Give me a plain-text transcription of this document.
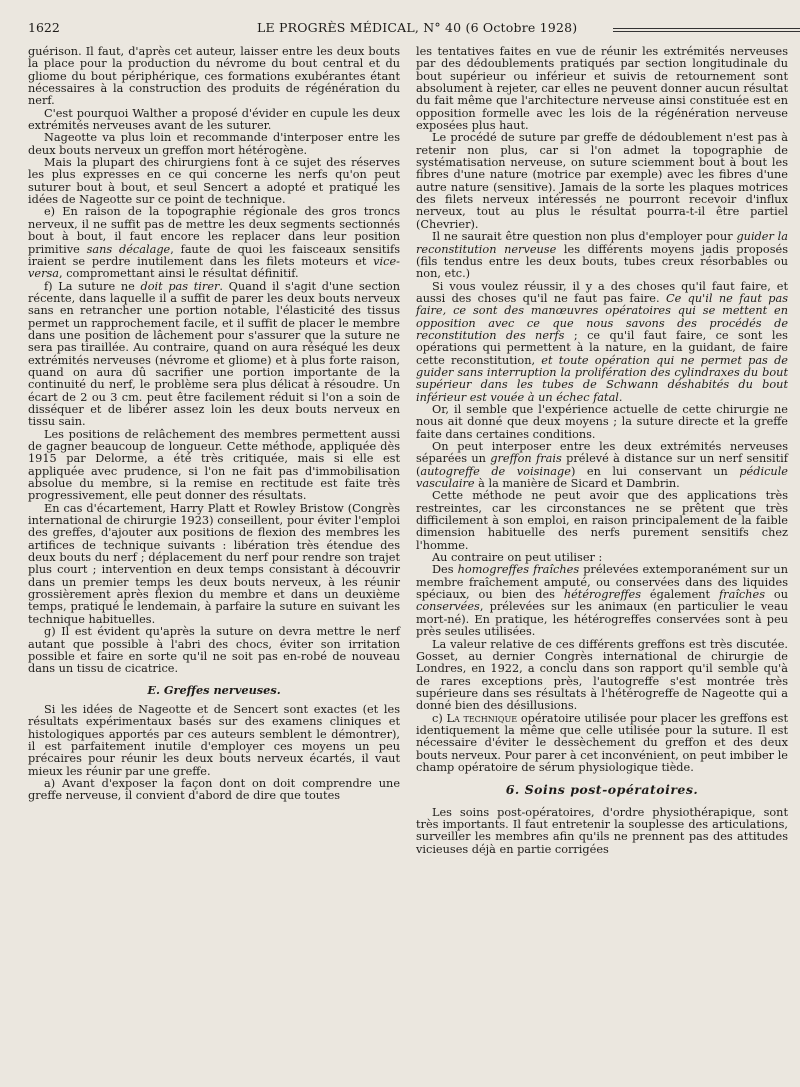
1622	LE PROGRÈS MÉDICAL, N° 40 (6 Octobre 1928)

guérison. Il faut, d'après cet auteur, laisser entre les deux bouts la place pour la production du névrome du bout central et du gliome du bout périphérique, ces formations exubérantes étant nécessaires à la construction des produits de régénération du nerf.

C'est pourquoi Walther a proposé d'évider en cupule les deux extrémités nerveuses avant de les suturer.

Nageotte va plus loin et recommande d'interposer entre les deux bouts nerveux un greffon mort hétérogène.

Mais la plupart des chirurgiens font à ce sujet des réserves les plus expresses en ce qui concerne les nerfs qu'on peut suturer bout à bout, et seul Sencert a adopté et pratiqué les idées de Nageotte sur ce point de technique.

e) En raison de la topographie régionale des gros troncs nerveux, il ne suffit pas de mettre les deux segments sectionnés bout à bout, il faut encore les replacer dans leur position primitive sans décalage, faute de quoi les faisceaux sensitifs iraient se perdre inutilement dans les filets moteurs et vice-versa, compromettant ainsi le résultat définitif.

f) La suture ne doit pas tirer. Quand il s'agit d'une section récente, dans laquelle il a suffit de parer les deux bouts nerveux sans en retrancher une portion notable, l'élasticité des tissus permet un rapprochement facile, et il suffit de placer le membre dans une position de lâchement pour s'assurer que la suture ne sera pas tiraillée. Au contraire, quand on aura réséqué les deux extrémités nerveuses (névrome et gliome) et à plus forte raison, quand on aura dû sacrifier une portion importante de la continuité du nerf, le problème sera plus délicat à résoudre. Un écart de 2 ou 3 cm. peut être facilement réduit si l'on a soin de disséquer et de libérer assez loin les deux bouts nerveux en tissu sain.

Les positions de relâchement des membres permettent aussi de gagner beaucoup de longueur. Cette méthode, appliquée dès 1915 par Delorme, a été très critiquée, mais si elle est appliquée avec prudence, si l'on ne fait pas d'immobilisation absolue du membre, si la remise en rectitude est faite très progressivement, elle peut donner des résultats.

En cas d'écartement, Harry Platt et Rowley Bristow (Congrès international de chirurgie 1923) conseillent, pour éviter l'emploi des greffes, d'ajouter aux positions de flexion des membres les artifices de technique suivants : libération très étendue des deux bouts du nerf ; déplacement du nerf pour rendre son trajet plus court ; intervention en deux temps consistant à découvrir dans un premier temps les deux bouts nerveux, à les réunir grossièrement après flexion du membre et dans un deuxième temps, pratiqué le lendemain, à parfaire la suture en suivant les technique habituelles.

g) Il est évident qu'après la suture on devra mettre le nerf autant que possible à l'abri des chocs, éviter son irritation possible et faire en sorte qu'il ne soit pas en-robé de nouveau dans un tissu de cicatrice.

E. Greffes nerveuses.

Si les idées de Nageotte et de Sencert sont exactes (et les résultats expérimentaux basés sur des examens cliniques et histologiques apportés par ces auteurs semblent le démontrer), il est parfaitement inutile d'employer ces moyens un peu précaires pour réunir les deux bouts nerveux écartés, il vaut mieux les réunir par une greffe.

a) Avant d'exposer la façon dont on doit comprendre une greffe nerveuse, il convient d'abord de dire que toutes

les tentatives faites en vue de réunir les extrémités nerveuses par des dédoublements pratiqués par section longitudinale du bout supérieur ou inférieur et suivis de retournement sont absolument à rejeter, car elles ne peuvent donner aucun résultat du fait même que l'architecture nerveuse ainsi constituée est en opposition formelle avec les lois de la régénération nerveuse exposées plus haut.

Le procédé de suture par greffe de dédoublement n'est pas à retenir non plus, car si l'on admet la topographie de systématisation nerveuse, on suture sciemment bout à bout les fibres d'une nature (motrice par exemple) avec les fibres d'une autre nature (sensitive). Jamais de la sorte les plaques motrices des filets nerveux intéressés ne pourront recevoir d'influx nerveux, tout au plus le résultat pourra-t-il être partiel (Chevrier).

Il ne saurait être question non plus d'employer pour guider la reconstitution nerveuse les différents moyens jadis proposés (fils tendus entre les deux bouts, tubes creux résorbables ou non, etc.)

Si vous voulez réussir, il y a des choses qu'il faut faire, et aussi des choses qu'il ne faut pas faire. Ce qu'il ne faut pas faire, ce sont des manœuvres opératoires qui se mettent en opposition avec ce que nous savons des procédés de reconstitution des nerfs ; ce qu'il faut faire, ce sont les opérations qui permettent à la nature, en la guidant, de faire cette reconstitution, et toute opération qui ne permet pas de guider sans interruption la prolifération des cylindraxes du bout supérieur dans les tubes de Schwann déshabités du bout inférieur est vouée à un échec fatal.

Or, il semble que l'expérience actuelle de cette chirurgie ne nous ait donné que deux moyens ; la suture directe et la greffe faite dans certaines conditions.

On peut interposer entre les deux extrémités nerveuses séparées un greffon frais prélevé à distance sur un nerf sensitif (autogreffe de voisinage) en lui conservant un pédicule vasculaire à la manière de Sicard et Dambrin.

Cette méthode ne peut avoir que des applications très restreintes, car les circonstances ne se prêtent que très difficilement à son emploi, en raison principalement de la faible dimension habituelle des nerfs purement sensitifs chez l'homme.

Au contraire on peut utiliser :

Des homogreffes fraîches prélevées extemporanément sur un membre fraîchement amputé, ou conservées dans des liquides spéciaux, ou bien des hétérogreffes également fraîches ou conservées, prélevées sur les animaux (en particulier le veau mort-né). En pratique, les hétérogreffes conservées sont à peu près seules utilisées.

La valeur relative de ces différents greffons est très discutée. Gosset, au dernier Congrès international de chirurgie de Londres, en 1922, a conclu dans son rapport qu'il semble qu'à de rares exceptions près, l'autogreffe s'est montrée très supérieure dans ses résultats à l'hétérogreffe de Nageotte qui a donné bien des désillusions.

c) La technique opératoire utilisée pour placer les greffons est identiquement la même que celle utilisée pour la suture. Il est nécessaire d'éviter le dessèchement du greffon et des deux bouts nerveux. Pour parer à cet inconvénient, on peut imbiber le champ opératoire de sérum physiologique tiède.

6. Soins post-opératoires.

Les soins post-opératoires, d'ordre physiothérapique, sont très importants. Il faut entretenir la souplesse des articulations, surveiller les membres afin qu'ils ne prennent pas des attitudes vicieuses déjà en partie corrigées
